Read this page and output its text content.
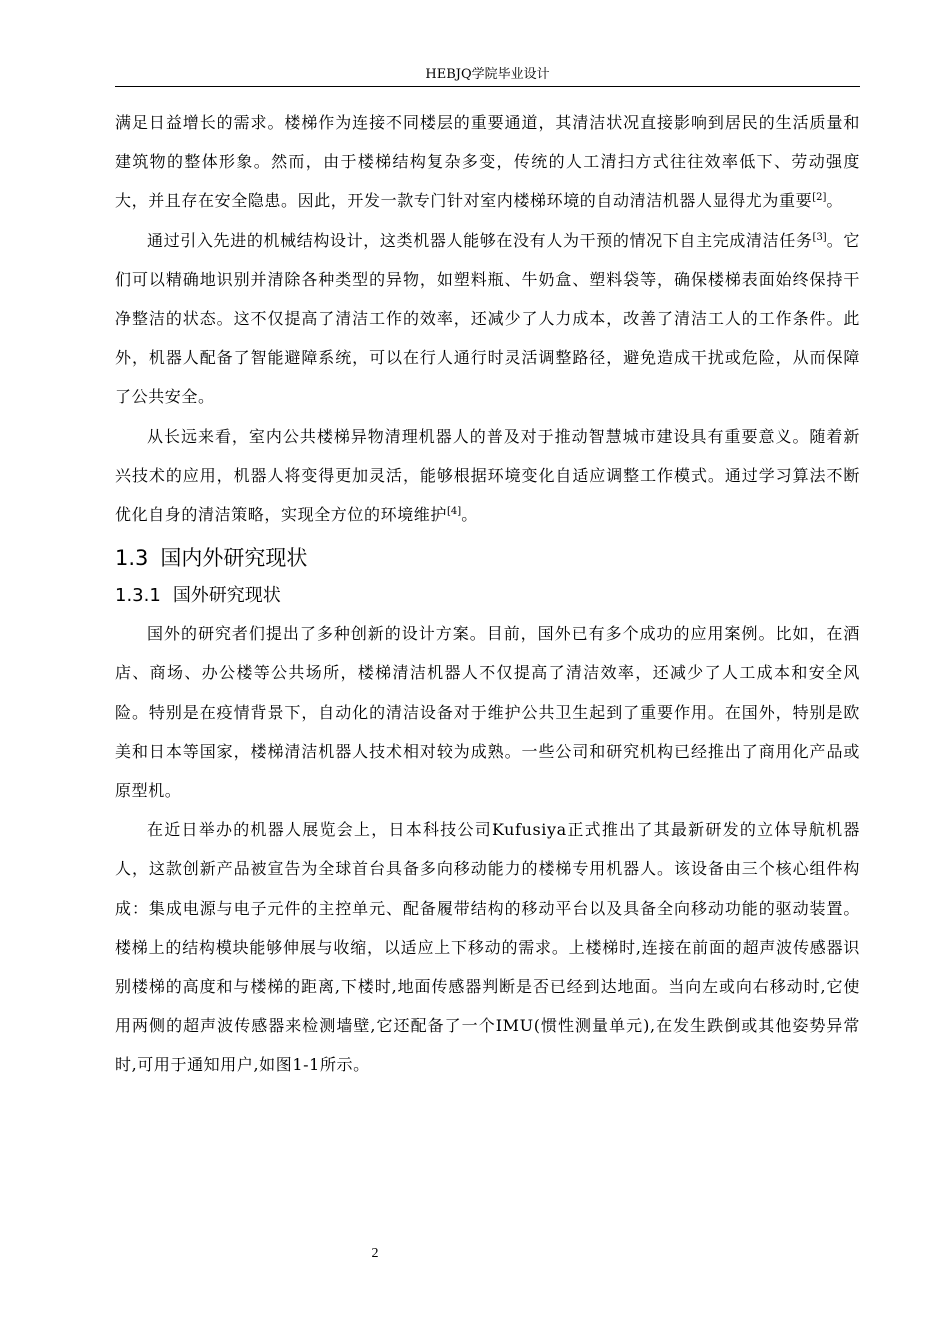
HEBJQ学院毕业设计

满足日益增长的需求。楼梯作为连接不同楼层的重要通道，其清洁状况直接影响到居民的生活质量和建筑物的整体形象。然而，由于楼梯结构复杂多变，传统的人工清扫方式往往效率低下、劳动强度大，并且存在安全隐患。因此，开发一款专门针对室内楼梯环境的自动清洁机器人显得尤为重要[2]。

通过引入先进的机械结构设计，这类机器人能够在没有人为干预的情况下自主完成清洁任务[3]。它们可以精确地识别并清除各种类型的异物，如塑料瓶、牛奶盒、塑料袋等，确保楼梯表面始终保持干净整洁的状态。这不仅提高了清洁工作的效率，还减少了人力成本，改善了清洁工人的工作条件。此外，机器人配备了智能避障系统，可以在行人通行时灵活调整路径，避免造成干扰或危险，从而保障了公共安全。

从长远来看，室内公共楼梯异物清理机器人的普及对于推动智慧城市建设具有重要意义。随着新兴技术的应用，机器人将变得更加灵活，能够根据环境变化自适应调整工作模式。通过学习算法不断优化自身的清洁策略，实现全方位的环境维护[4]。

1.3 国内外研究现状
1.3.1 国外研究现状

国外的研究者们提出了多种创新的设计方案。目前，国外已有多个成功的应用案例。比如，在酒店、商场、办公楼等公共场所，楼梯清洁机器人不仅提高了清洁效率，还减少了人工成本和安全风险。特别是在疫情背景下，自动化的清洁设备对于维护公共卫生起到了重要作用。在国外，特别是欧美和日本等国家，楼梯清洁机器人技术相对较为成熟。一些公司和研究机构已经推出了商用化产品或原型机。

在近日举办的机器人展览会上，日本科技公司Kufusiya正式推出了其最新研发的立体导航机器人，这款创新产品被宣告为全球首台具备多向移动能力的楼梯专用机器人。该设备由三个核心组件构成：集成电源与电子元件的主控单元、配备履带结构的移动平台以及具备全向移动功能的驱动装置。楼梯上的结构模块能够伸展与收缩，以适应上下移动的需求。上楼梯时,连接在前面的超声波传感器识别楼梯的高度和与楼梯的距离,下楼时,地面传感器判断是否已经到达地面。当向左或向右移动时,它使用两侧的超声波传感器来检测墙壁,它还配备了一个IMU(惯性测量单元),在发生跌倒或其他姿势异常时,可用于通知用户,如图1-1所示。

2
